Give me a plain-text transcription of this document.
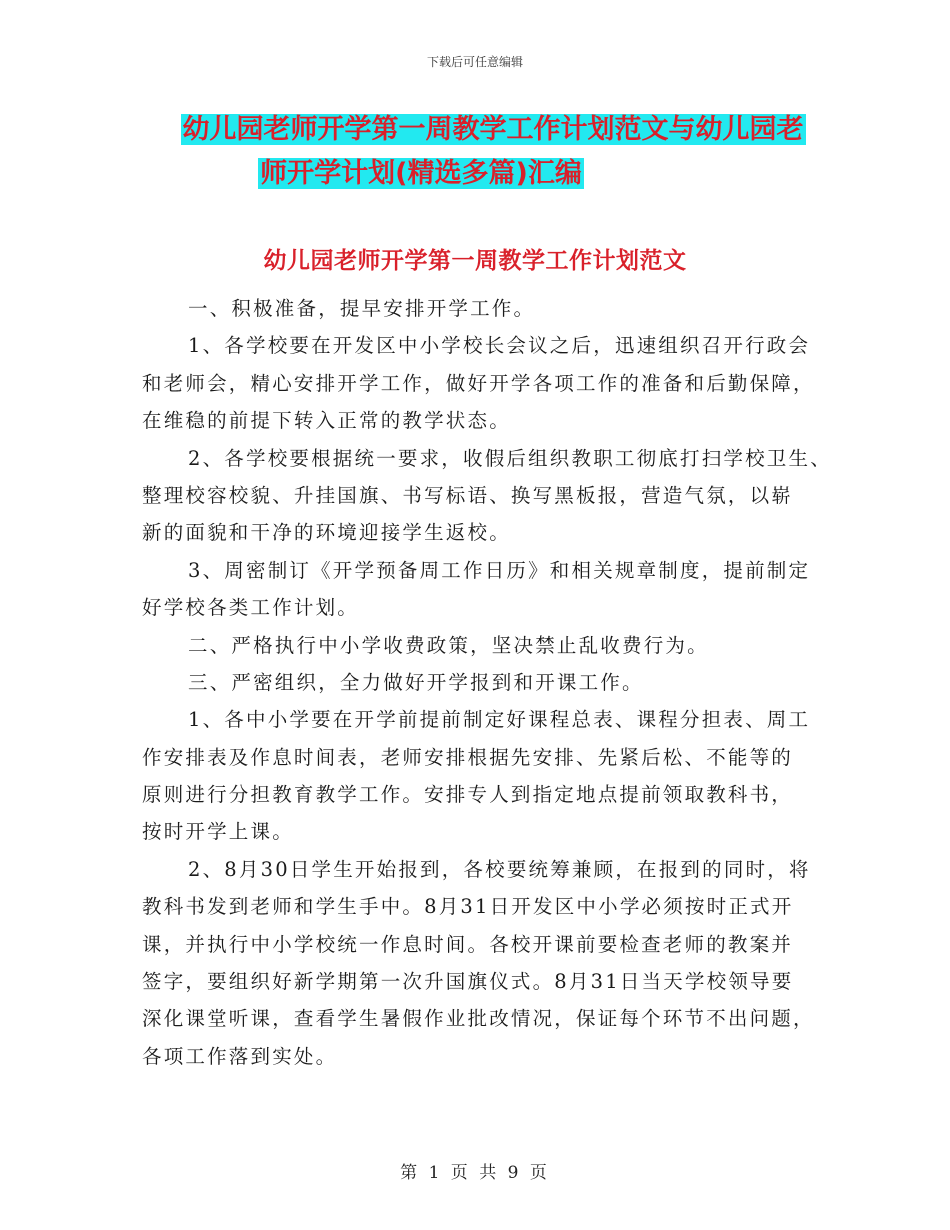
下载后可任意编辑
幼儿园老师开学第一周教学工作计划范文与幼儿园老
师开学计划(精选多篇)汇编
幼儿园老师开学第一周教学工作计划范文
一、积极准备，提早安排开学工作。
1、各学校要在开发区中小学校长会议之后，迅速组织召开行政会
和老师会，精心安排开学工作，做好开学各项工作的准备和后勤保障，
在维稳的前提下转入正常的教学状态。
2、各学校要根据统一要求，收假后组织教职工彻底打扫学校卫生、
整理校容校貌、升挂国旗、书写标语、换写黑板报，营造气氛，以崭
新的面貌和干净的环境迎接学生返校。
3、周密制订《开学预备周工作日历》和相关规章制度，提前制定
好学校各类工作计划。
二、严格执行中小学收费政策，坚决禁止乱收费行为。
三、严密组织，全力做好开学报到和开课工作。
1、各中小学要在开学前提前制定好课程总表、课程分担表、周工
作安排表及作息时间表，老师安排根据先安排、先紧后松、不能等的
原则进行分担教育教学工作。安排专人到指定地点提前领取教科书，
按时开学上课。
2、8月30日学生开始报到，各校要统筹兼顾，在报到的同时，将
教科书发到老师和学生手中。8月31日开发区中小学必须按时正式开
课，并执行中小学校统一作息时间。各校开课前要检查老师的教案并
签字，要组织好新学期第一次升国旗仪式。8月31日当天学校领导要
深化课堂听课，查看学生暑假作业批改情况，保证每个环节不出问题，
各项工作落到实处。
第 1 页 共 9 页
